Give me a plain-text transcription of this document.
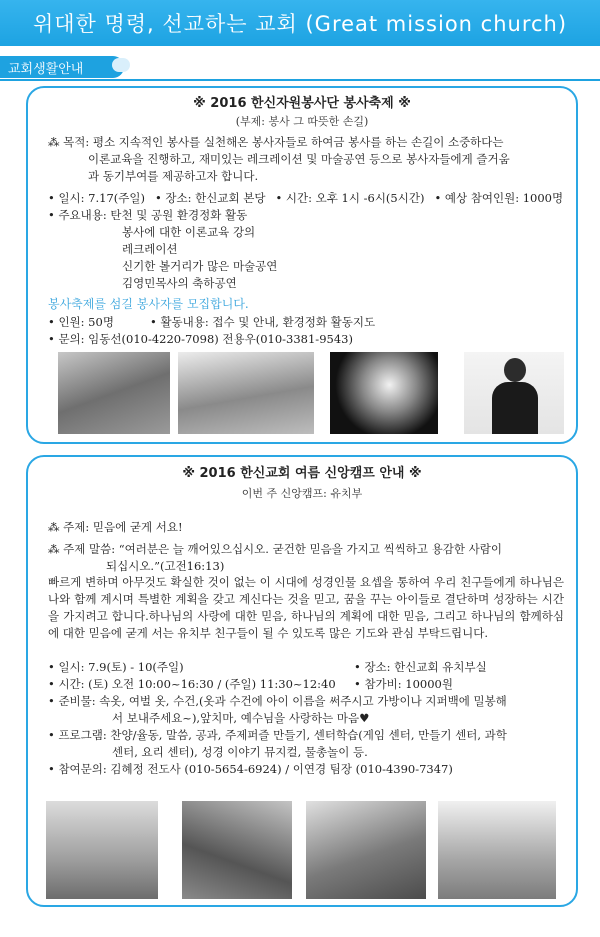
위대한 명령, 선교하는 교회 (Great mission church)
교회생활안내
※ 2016 한신자원봉사단 봉사축제 ※
(부제: 봉사 그 따뜻한 손길)
⁂ 목적: 평소 지속적인 봉사를 실천해온 봉사자들로 하여금 봉사를 하는 손길이 소중하다는
이론교육을 진행하고, 재미있는 레크레이션 및 마술공연 등으로 봉사자들에게 즐거움
과 동기부여를 제공하고자 합니다.
• 일시: 7.17(주일) • 장소: 한신교회 본당 • 시간: 오후 1시 -6시(5시간) • 예상 참여인원: 1000명
• 주요내용: 탄천 및 공원 환경정화 활동
봉사에 대한 이론교육 강의
레크레이션
신기한 볼거리가 많은 마술공연
김영민목사의 축하공연
봉사축제를 섬길 봉사자를 모집합니다.
• 인원: 50명	• 활동내용: 접수 및 안내, 환경정화 활동지도
• 문의: 임동선(010-4220-7098) 전용우(010-3381-9543)
※ 2016 한신교회 여름 신앙캠프 안내 ※
이번 주 신앙캠프: 유치부
⁂ 주제: 믿음에 굳게 서요!
⁂ 주제 말씀: “여러분은 늘 깨어있으십시오. 굳건한 믿음을 가지고 씩씩하고 용감한 사람이
되십시오.”(고전16:13)
빠르게 변하며 아무것도 확실한 것이 없는 이 시대에 성경인물 요셉을 통하여 우리 친구들에게 하나님은 나와 함께 계시며 특별한 계획을 갖고 계신다는 것을 믿고, 꿈을 꾸는 아이들로 결단하며 성장하는 시간을 가지려고 합니다.하나님의 사랑에 대한 믿음, 하나님의 계획에 대한 믿음, 그리고 하나님의 함께하심에 대한 믿음에 굳게 서는 유치부 친구들이 될 수 있도록 많은 기도와 관심 부탁드립니다.
• 일시: 7.9(토) - 10(주일)	• 장소: 한신교회 유치부실
• 시간: (토) 오전 10:00~16:30 / (주일) 11:30~12:40	• 참가비: 10000원
• 준비물: 속옷, 여벌 옷, 수건,(옷과 수건에 아이 이름을 써주시고 가방이나 지퍼백에 밀봉해
서 보내주세요~),앞치마, 예수님을 사랑하는 마음♥
• 프로그램: 찬양/율동, 말씀, 공과, 주제퍼즐 만들기, 센터학습(게임 센터, 만들기 센터, 과학
센터, 요리 센터), 성경 이야기 뮤지컬, 물총놀이 등.
• 참여문의: 김혜정 전도사 (010-5654-6924) / 이연경 팀장 (010-4390-7347)
